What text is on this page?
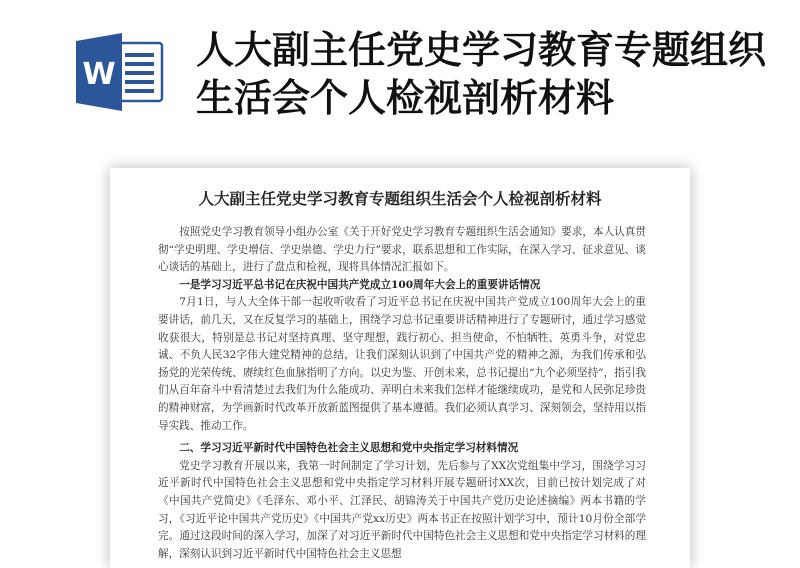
W
人大副主任党史学习教育专题组织生活会个人检视剖析材料
人大副主任党史学习教育专题组织生活会个人检视剖析材料

按照党史学习教育领导小组办公室《关于开好党史学习教育专题组织生活会通知》要求，本人认真贯彻“学史明理、学史增信、学史崇德、学史力行”要求，联系思想和工作实际，在深入学习、征求意见、谈心谈话的基础上，进行了盘点和检视，现将具体情况汇报如下。

一是学习习近平总书记在庆祝中国共产党成立100周年大会上的重要讲话情况

7月1日，与人大全体干部一起收听收看了习近平总书记在庆祝中国共产党成立100周年大会上的重要讲话，前几天，又在反复学习的基础上，围绕学习总书记重要讲话精神进行了专题研讨，通过学习感觉收获很大，特别是总书记对坚持真理、坚守理想，践行初心、担当使命，不怕牺牲、英勇斗争，对党忠诚、不负人民32字伟大建党精神的总结，让我们深刻认识到了中国共产党的精神之源，为我们传承和弘扬党的光荣传统、赓续红色血脉指明了方向。以史为鉴、开创未来，总书记提出“九个必须坚持”，指引我们从百年奋斗中看清楚过去我们为什么能成功、弄明白未来我们怎样才能继续成功，是党和人民弥足珍贵的精神财富，为学画新时代改革开放新蓝图提供了基本遵循。我们必须认真学习、深刻领会，坚持用以指导实践、推动工作。

二、学习习近平新时代中国特色社会主义思想和党中央指定学习材料情况

党史学习教育开展以来，我第一时间制定了学习计划，先后参与了XX次党组集中学习，围绕学习习近平新时代中国特色社会主义思想和党中央指定学习材料开展专题研讨XX次，目前已按计划完成了对《中国共产党简史》《毛泽东、邓小平、江泽民、胡锦涛关于中国共产党历史论述摘编》两本书籍的学习，《习近平论中国共产党历史》《中国共产党xx历史》两本书正在按照计划学习中，预计10月份全部学完。通过这段时间的深入学习，加深了对习近平新时代中国特色社会主义思想和党中央指定学习材料的理解，深刻认识到习近平新时代中国特色社会主义思想
